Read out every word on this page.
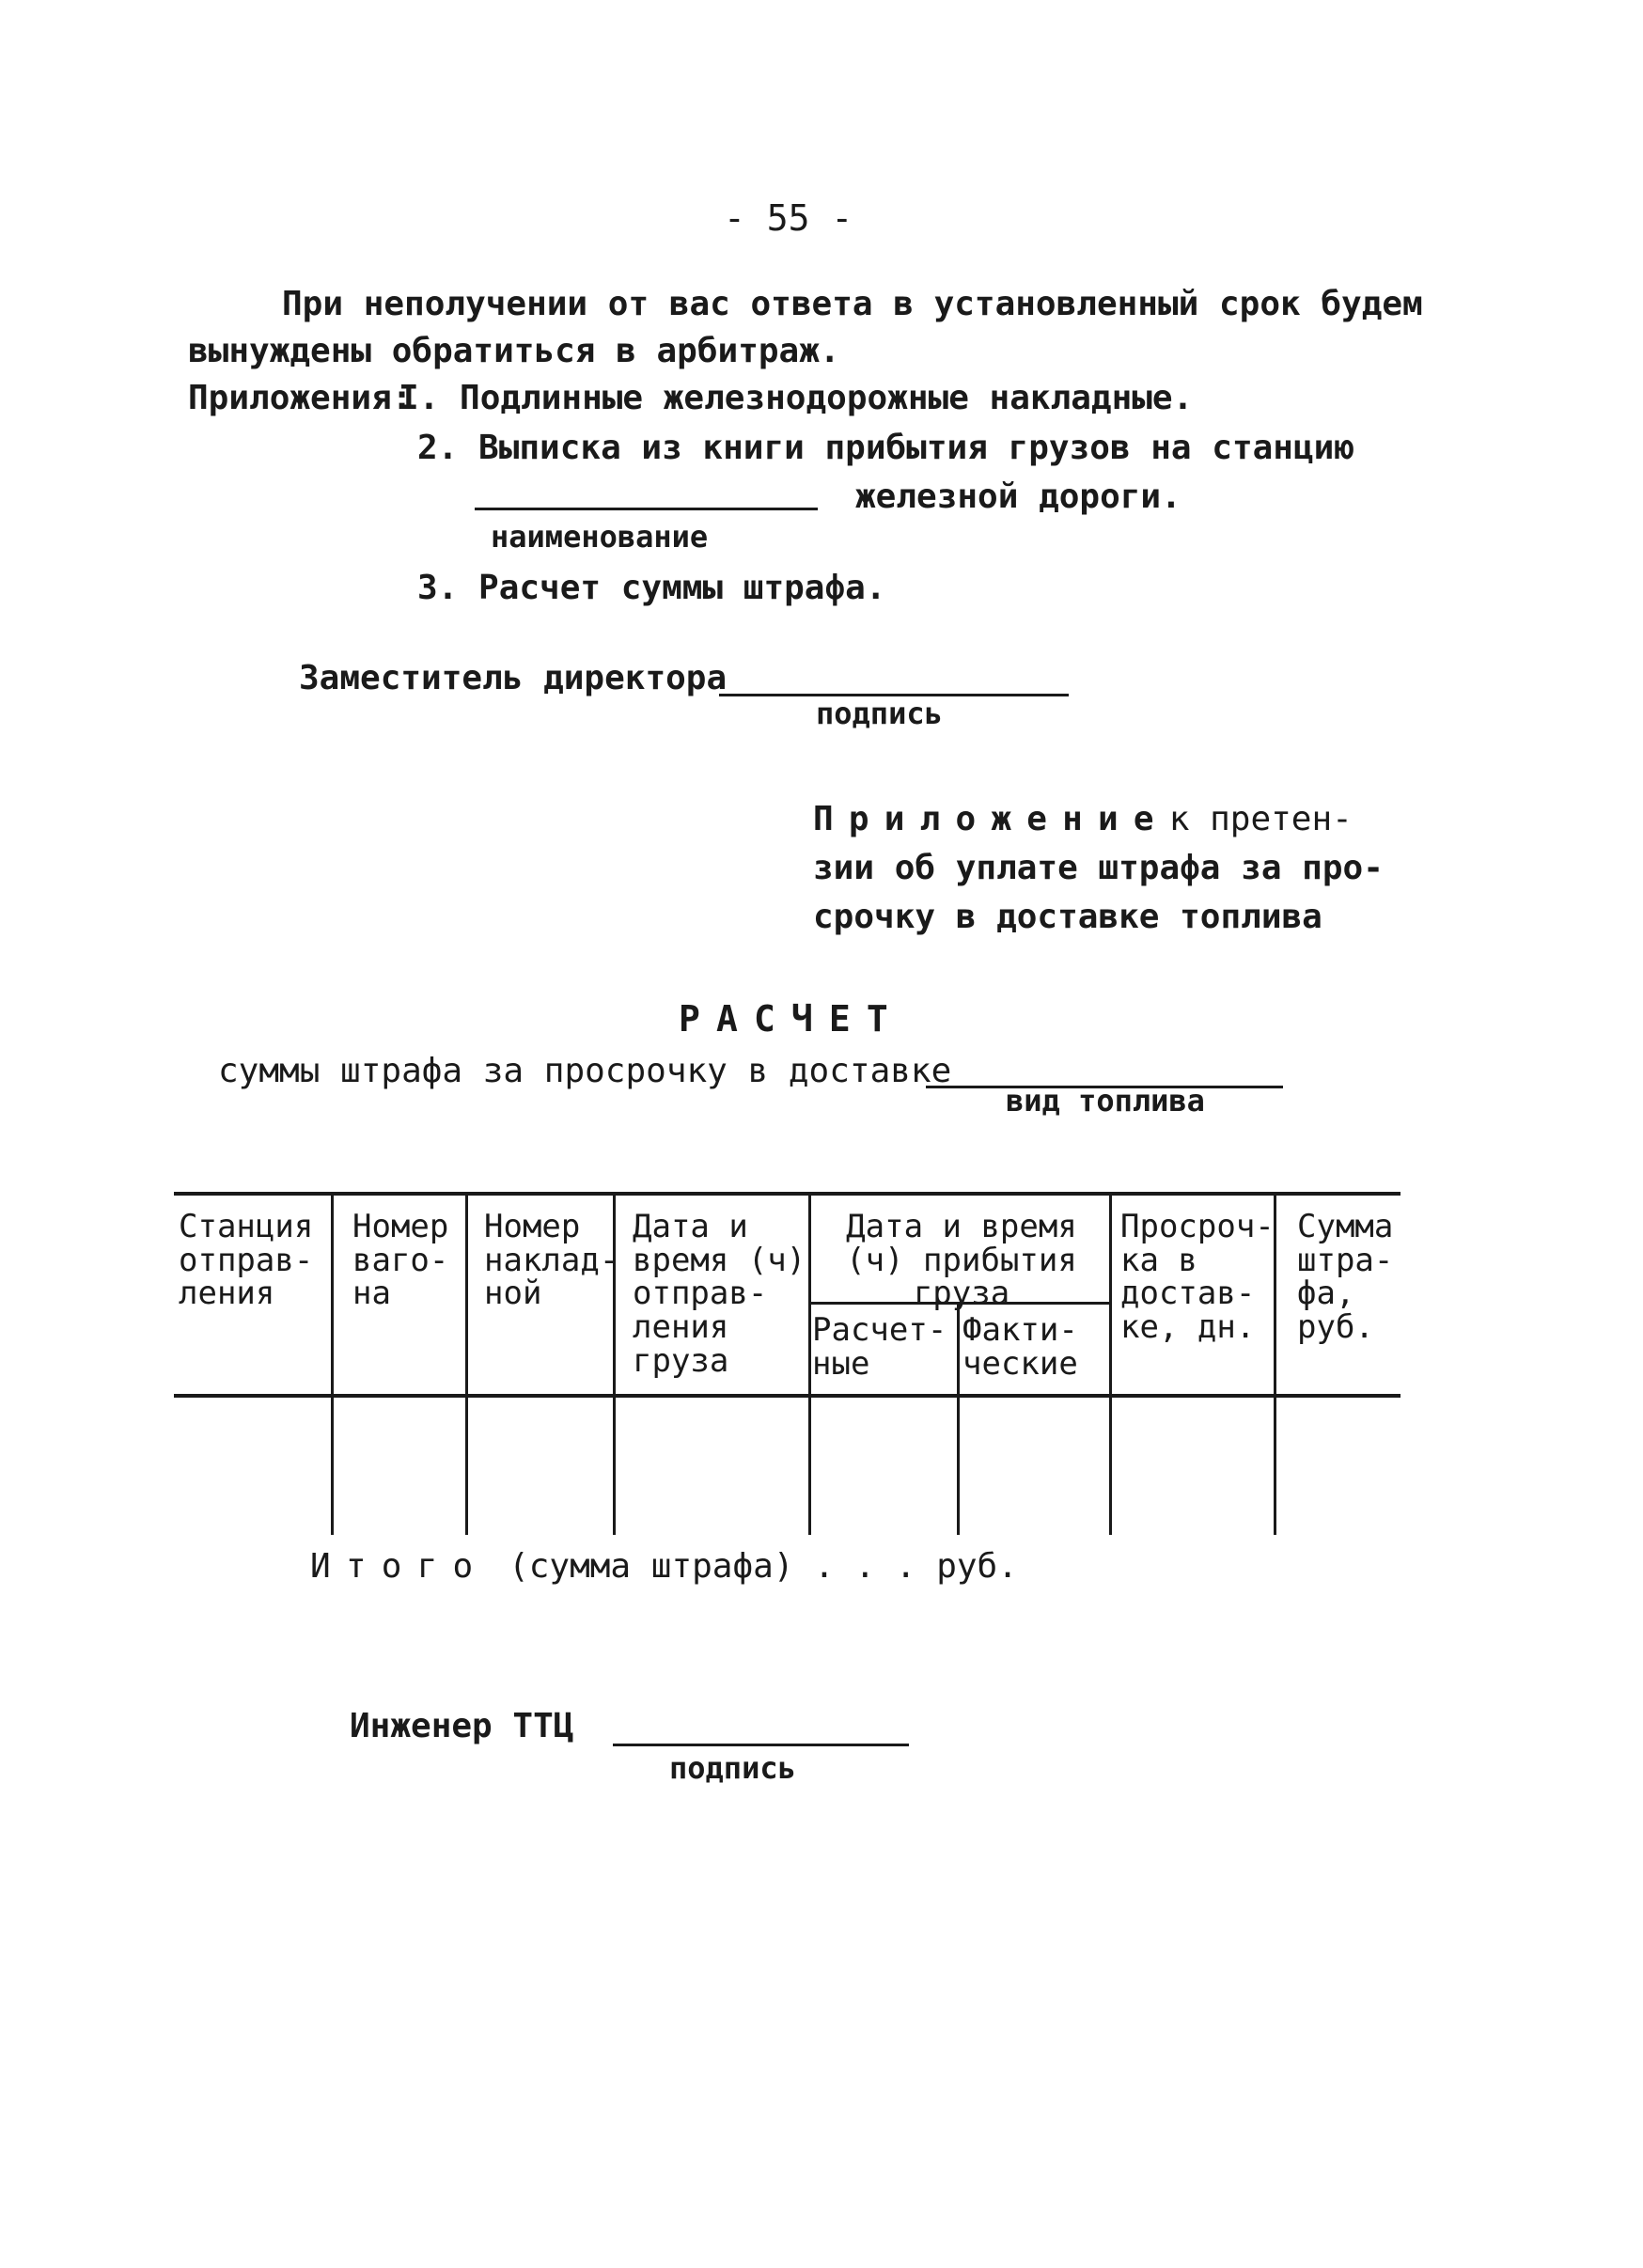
- 55 -
При неполучении от вас ответа в установленный срок будем
вынуждены обратиться в арбитраж.
Приложения:
I. Подлинные железнодорожные накладные.
2. Выписка из книги прибытия грузов на станцию
железной дороги.
наименование
3. Расчет суммы штрафа.
Заместитель директора
подпись
Приложениек претен-
зии об уплате штрафа за про-
срочку в доставке топлива
РАСЧЕТ
суммы штрафа за просрочку в доставке
вид топлива
Станция
отправ-
ления
Номер
ваго-
на
Номер
наклад-
ной
Дата и
время (ч)
отправ-
ления
груза
Дата и время
(ч) прибытия
груза
Расчет-
ные
Факти-
ческие
Просроч-
ка в
достав-
ке, дн.
Сумма
штра-
фа,
руб.
Итого (сумма штрафа) . . . руб.
Инженер ТТЦ
подпись
